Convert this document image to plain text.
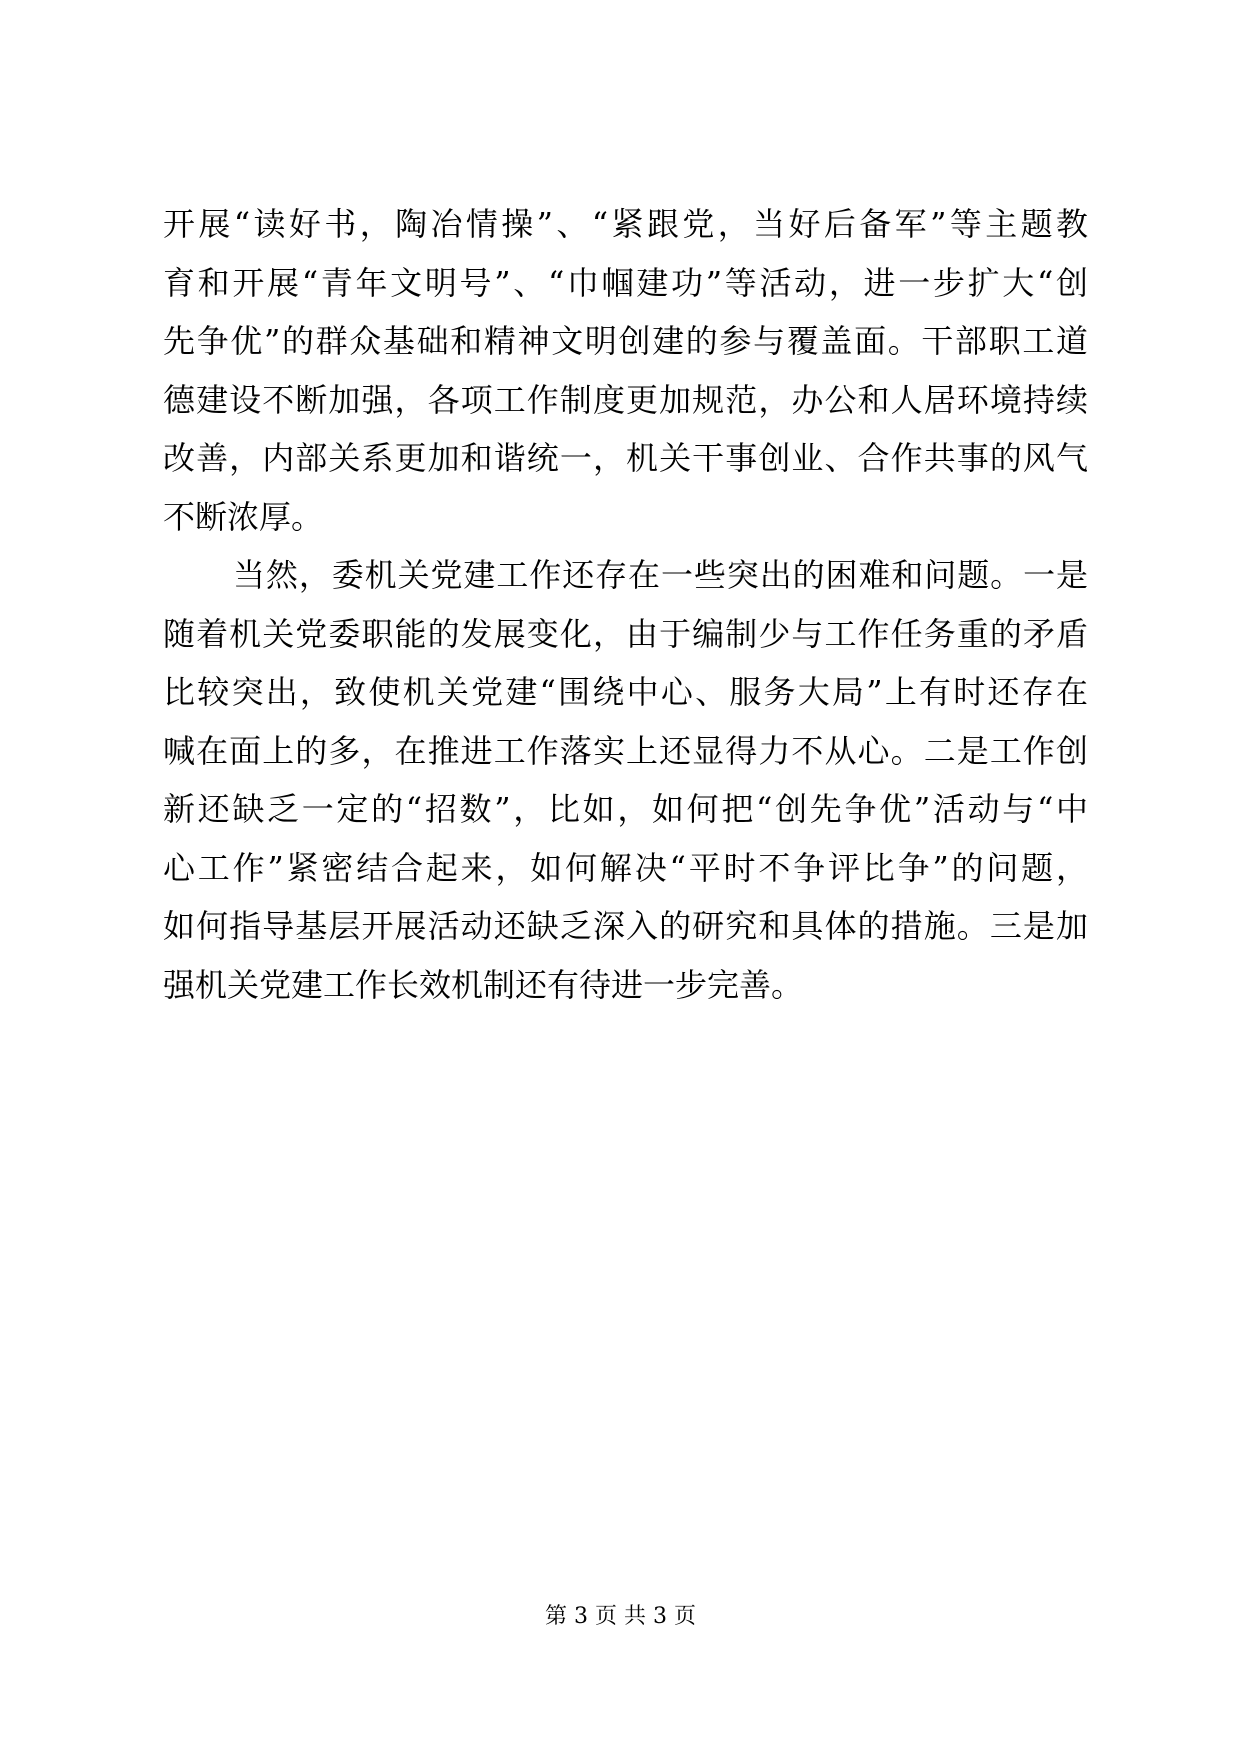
开展“读好书，陶冶情操”、“紧跟党，当好后备军”等主题教
育和开展“青年文明号”、“巾帼建功”等活动，进一步扩大“创
先争优”的群众基础和精神文明创建的参与覆盖面。干部职工道
德建设不断加强，各项工作制度更加规范，办公和人居环境持续
改善，内部关系更加和谐统一，机关干事创业、合作共事的风气
不断浓厚。
当然，委机关党建工作还存在一些突出的困难和问题。一是
随着机关党委职能的发展变化，由于编制少与工作任务重的矛盾
比较突出，致使机关党建“围绕中心、服务大局”上有时还存在
喊在面上的多，在推进工作落实上还显得力不从心。二是工作创
新还缺乏一定的“招数”，比如，如何把“创先争优”活动与“中
心工作”紧密结合起来，如何解决“平时不争评比争”的问题，
如何指导基层开展活动还缺乏深入的研究和具体的措施。三是加
强机关党建工作长效机制还有待进一步完善。
第 3 页 共 3 页
